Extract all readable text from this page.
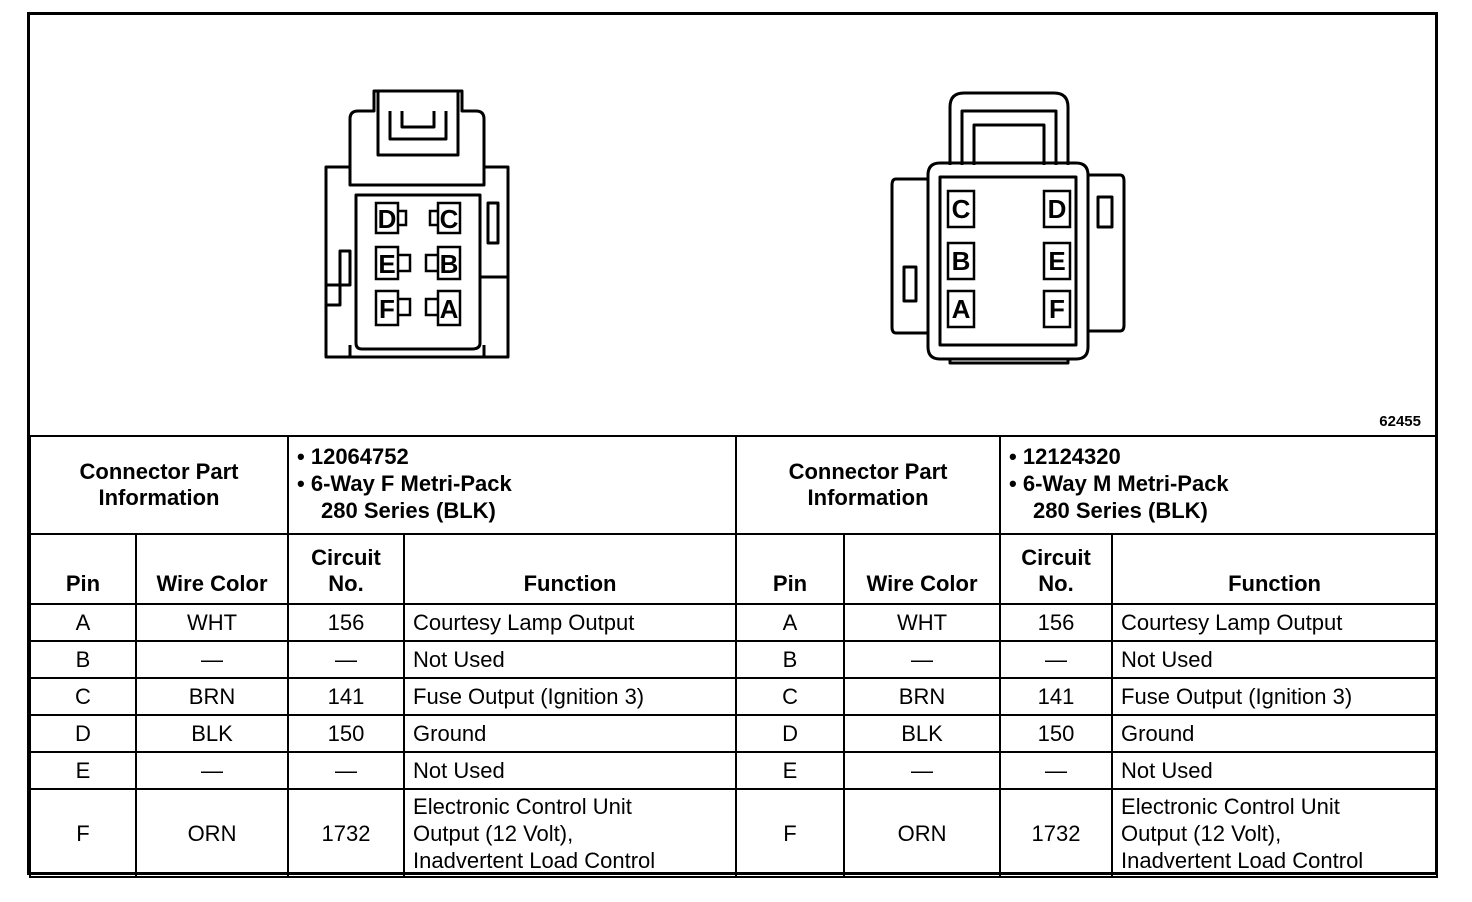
D C
E B
F A
C	D
B	E
A	F
62455
Connector Part Information		• 12064752
• 6-Way F Metri-Pack
280 Series (BLK)		Connector Part Information		• 12124320
• 6-Way M Metri-Pack
280 Series (BLK)	

Pin	Wire Color	Circuit
No.	Function	Pin	Wire Color	Circuit
No.	Function
A	WHT	156	Courtesy Lamp Output	A	WHT	156	Courtesy Lamp Output
B	—	—	Not Used	B	—	—	Not Used
C	BRN	141	Fuse Output (Ignition 3)	C	BRN	141	Fuse Output (Ignition 3)
D	BLK	150	Ground	D	BLK	150	Ground
E	—	—	Not Used	E	—	—	Not Used
F	ORN	1732	Electronic Control Unit
Output (12 Volt),
Inadvertent Load Control	F	ORN	1732	Electronic Control Unit
Output (12 Volt),
Inadvertent Load Control
